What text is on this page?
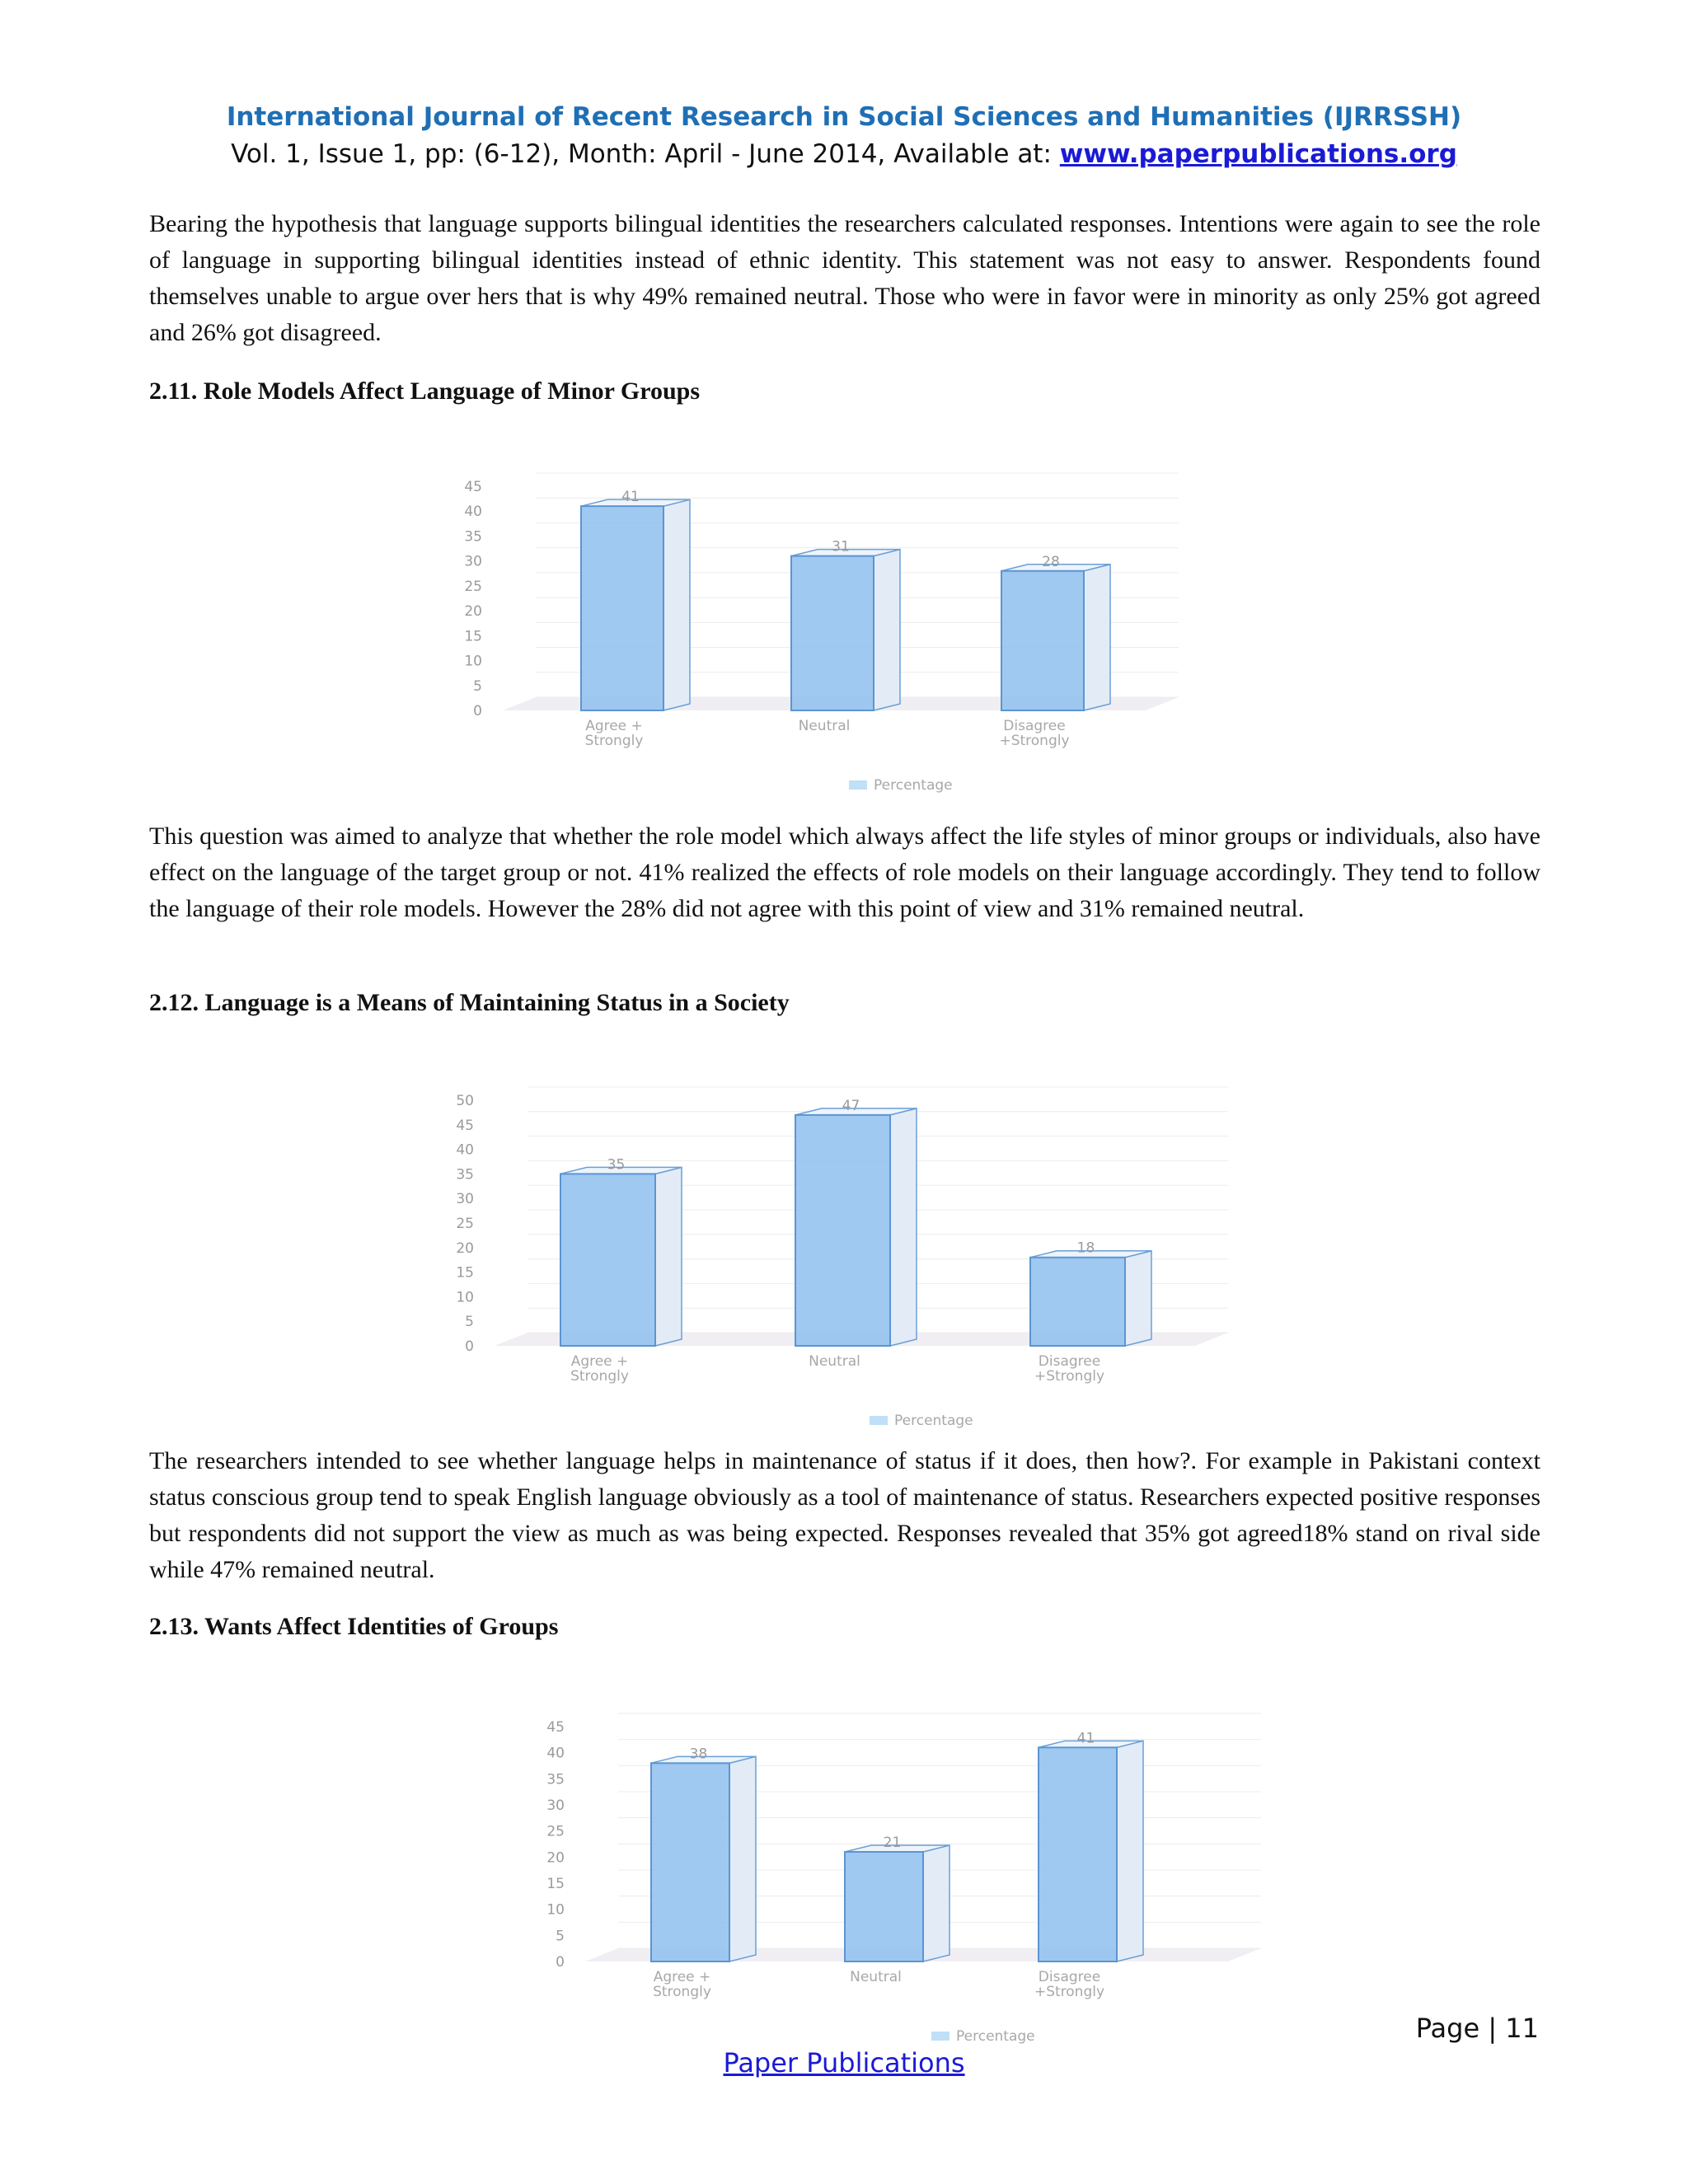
International Journal of Recent Research in Social Sciences and Humanities (IJRRSSH)
Vol. 1, Issue 1, pp: (6-12), Month: April - June 2014, Available at: www.paperpublications.org

Bearing the hypothesis that language supports bilingual identities the researchers calculated responses. Intentions were again to see the role of language in supporting bilingual identities instead of ethnic identity. This statement was not easy to answer. Respondents found themselves unable to argue over hers that is why 49% remained neutral. Those who were in favor were in minority as only 25% got agreed and 26% got disagreed.

2.11. Role Models Affect Language of Minor Groups

0
5
10
15
20
25
30
35
40
45
41
Agree +
Strongly
31
Neutral
28
Disagree
+Strongly
Percentage

This question was aimed to analyze that whether the role model which always affect the life styles of minor groups or individuals, also have effect on the language of the target group or not. 41% realized the effects of role models on their language accordingly. They tend to follow the language of their role models. However the 28% did not agree with this point of view and 31% remained neutral.

2.12. Language is a Means of Maintaining Status in a Society

0
5
10
15
20
25
30
35
40
45
50
35
Agree +
Strongly
47
Neutral
18
Disagree
+Strongly
Percentage

The researchers intended to see whether language helps in maintenance of status if it does, then how?. For example in Pakistani context status conscious group tend to speak English language obviously as a tool of maintenance of status. Researchers expected positive responses but respondents did not support the view as much as was being expected. Responses revealed that 35% got agreed18% stand on rival side while 47% remained neutral.

2.13. Wants Affect Identities of Groups

0
5
10
15
20
25
30
35
40
45
38
Agree +
Strongly
21
Neutral
41
Disagree
+Strongly
Percentage	Page | 11
Paper Publications
